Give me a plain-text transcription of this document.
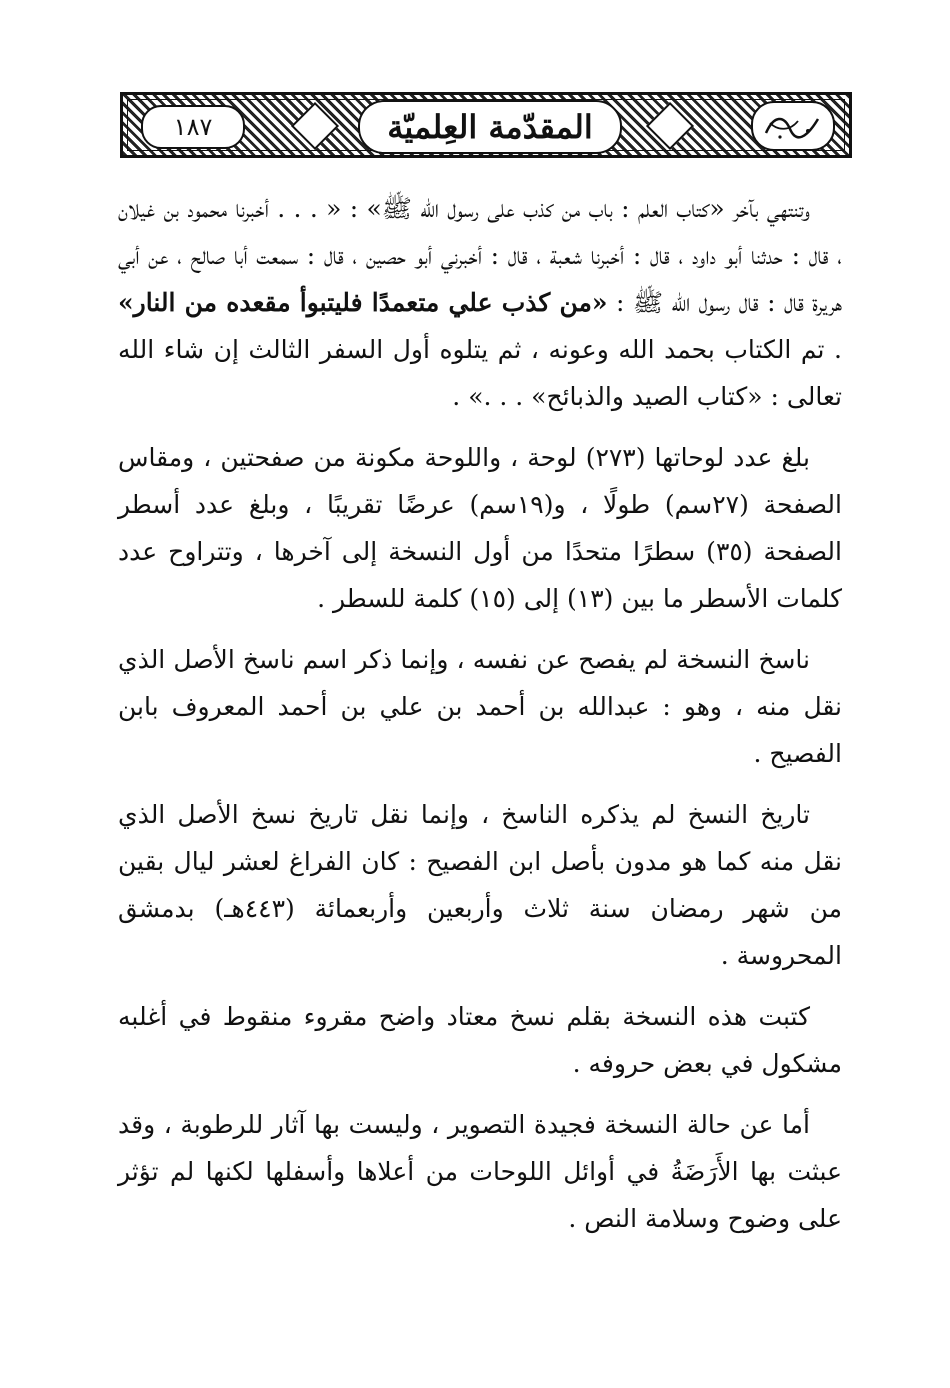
١٨٧	المقدّمة العِلميّة

وتنتهي بآخر «كتاب العلم : باب من كذب على رسول الله ﷺ» : « . . . أخبرنا محمود بن غيلان ، قال : حدثنا أبو داود ، قال : أخبرنا شعبة ، قال : أخبرني أبو حصين ، قال : سمعت أبا صالح ، عن أبي هريرة قال : قال رسول الله ﷺ : «من كذب علي متعمدًا فليتبوأ مقعده من النار» . تم الكتاب بحمد الله وعونه ، ثم يتلوه أول السفر الثالث إن شاء الله تعالى : «كتاب الصيد والذبائح» . . .» .

بلغ عدد لوحاتها (٢٧٣) لوحة ، واللوحة مكونة من صفحتين ، ومقاس الصفحة (٢٧سم) طولًا ، و(١٩سم) عرضًا تقريبًا ، وبلغ عدد أسطر الصفحة (٣٥) سطرًا متحدًا من أول النسخة إلى آخرها ، وتتراوح عدد كلمات الأسطر ما بين (١٣) إلى (١٥) كلمة للسطر .

ناسخ النسخة لم يفصح عن نفسه ، وإنما ذكر اسم ناسخ الأصل الذي نقل منه ، وهو : عبدالله بن أحمد بن علي بن أحمد المعروف بابن الفصيح .

تاريخ النسخ لم يذكره الناسخ ، وإنما نقل تاريخ نسخ الأصل الذي نقل منه كما هو مدون بأصل ابن الفصيح : كان الفراغ لعشر ليال بقين من شهر رمضان سنة ثلاث وأربعين وأربعمائة (٤٤٣هـ) بدمشق المحروسة .

كتبت هذه النسخة بقلم نسخ معتاد واضح مقروء منقوط في أغلبه مشكول في بعض حروفه .

أما عن حالة النسخة فجيدة التصوير ، وليست بها آثار للرطوبة ، وقد عبثت بها الأَرَضَةُ في أوائل اللوحات من أعلاها وأسفلها لكنها لم تؤثر على وضوح وسلامة النص .
